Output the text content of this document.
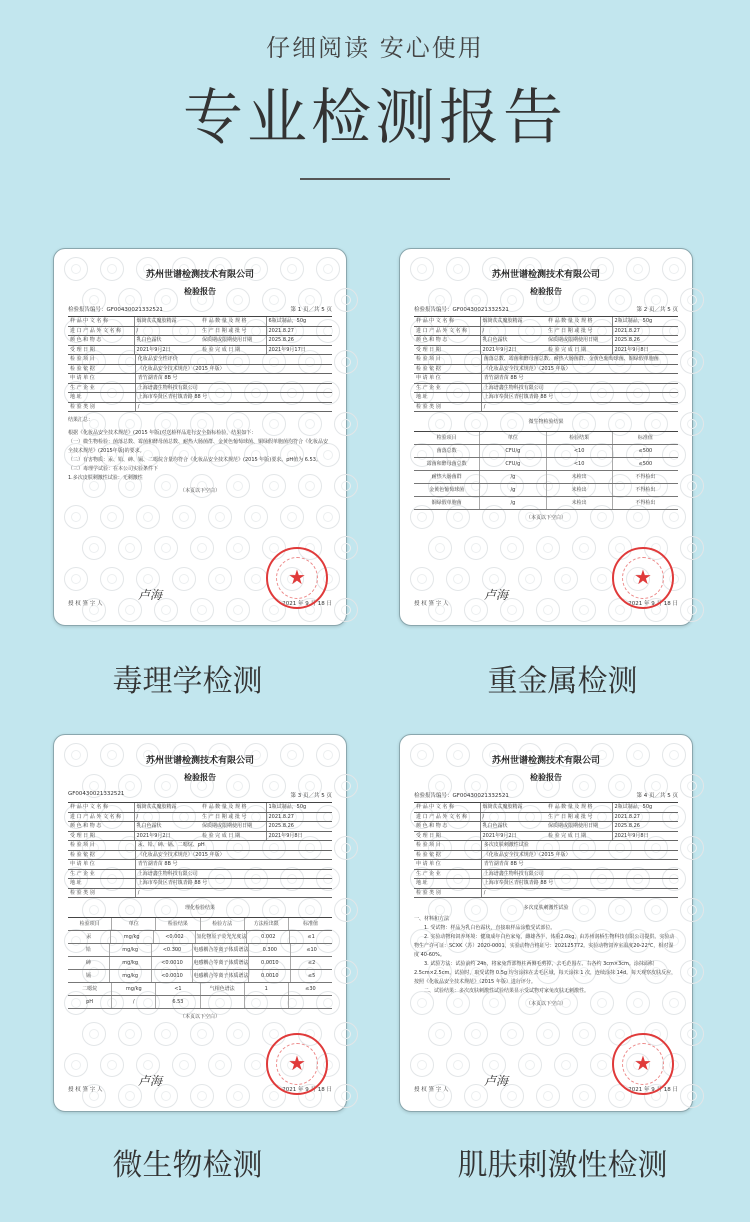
仔细阅读 安心使用
专业检测报告
苏州世谱检测技术有限公司
检验报告
检验报告编号：GF00430021332521	第 1 页／共 5 页
样 品 中 文 名 称	烟筒苁苁魔胶精霜	样 品 数 量 及 规 格	6瓶试制品，50g
进 口 产 品 外 文 名 称	/	生 产 日 期 或 批 号	2021.8.27
颜 色 和 物 态	乳白色霜状	保质期或限期使用日期	2025.8.26
受 理 日 期	2021年9月2日	检 验 完 成 日 期	2021年9月17日
检 验 项 目	化妆品安全性评价
检 验 依 据	《化妆品安全技术规范》（2015 年版）
申 请 单 位	青竹湖青苗 8B 号
生 产 企 业	上海谱鑫生物科技有限公司
地 址	上海市奉贤区青村镇青路 88 号
检 验 类 别	/
结果汇总：
根据《化妆品安全技术规范》(2015 年版)对送检样品进行安全指标检验，结果如下：
（一）微生物检验：菌落总数、霉菌和酵母菌总数、耐热大肠菌群、金黄色葡萄球菌、铜绿假单胞菌均符合《化妆品安全技术规范》(2015年版)的要求。
（二）有害物质：汞、铅、砷、镉、二噁烷含量均符合《化妆品安全技术规范》(2015 年版)要求。pH值为 6.53。
（三）毒理学试验：在本公司实验条件下
1.多次皮肤刺激性试验：无刺激性
（本页以下空白）
授 权 签 字 人	2021 年 9 月 18 日
卢海
★
苏州世谱检测技术有限公司
检验报告
检验报告编号：GF00430021332521	第 2 页／共 5 页
样 品 中 文 名 称	烟筒苁苁魔胶精霜	样 品 数 量 及 规 格	2瓶试制品，50g
进 口 产 品 外 文 名 称	/	生 产 日 期 或 批 号	2021.8.27
颜 色 和 物 态	乳白色霜状	保质期或限期使用日期	2025.8.26
受 理 日 期	2021年9月2日	检 验 完 成 日 期	2021年9月8日
检 验 项 目	菌落总数、霉菌和酵母菌总数、耐热大肠菌群、金黄色葡萄球菌、铜绿假单胞菌
检 验 依 据	《化妆品安全技术规范》（2015 年版）
申 请 单 位	青竹湖青苗 8B 号
生 产 企 业	上海谱鑫生物科技有限公司
地 址	上海市奉贤区青村镇青路 88 号
检 验 类 别	/
微生物检验结果
检验项目	单位	检验结果	标准值
菌落总数	CFU/g	<10	≤500
霉菌和酵母菌总数	CFU/g	<10	≤500
耐热大肠菌群	/g	未检出	不得检出
金黄色葡萄球菌	/g	未检出	不得检出
铜绿假单胞菌	/g	未检出	不得检出
（本页以下空白）
授 权 签 字 人	2021 年 9 月 18 日
卢海
★
苏州世谱检测技术有限公司
检验报告
GF00430021332521	第 3 页／共 5 页
样 品 中 文 名 称	烟筒苁苁魔胶精霜	样 品 数 量 及 规 格	1瓶试制品，50g
进 口 产 品 外 文 名 称	/	生 产 日 期 或 批 号	2021.8.27
颜 色 和 物 态	乳白色霜状	保质期或限期使用日期	2025.8.26
受 理 日 期	2021年9月2日	检 验 完 成 日 期	2021年9月8日
检 验 项 目	汞、铅、砷、镉、二噁烷、pH
检 验 依 据	《化妆品安全技术规范》（2015 年版）
申 请 单 位	青竹湖青苗 8B 号
生 产 企 业	上海谱鑫生物科技有限公司
地 址	上海市奉贤区青村镇青路 88 号
检 验 类 别	/
理化检验结果
检验项目	单位	检验结果	检验方法	方法检出限	标准值
汞	mg/kg	<0.002	氢化物原子荧光光度法	0.002	≤1
铅	mg/kg	<0.300	电感耦合等离子体质谱法	0.300	≤10
砷	mg/kg	<0.0010	电感耦合等离子体质谱法	0.0010	≤2
镉	mg/kg	<0.0010	电感耦合等离子体质谱法	0.0010	≤5
二噁烷	mg/kg	<1	气相色谱法	1	≤30
pH	/	6.53
（本页以下空白）
授 权 签 字 人	2021 年 9 月 18 日
卢海
★
苏州世谱检测技术有限公司
检验报告
检验报告编号：GF00430021332521	第 4 页／共 5 页
样 品 中 文 名 称	烟筒苁苁魔胶精霜	样 品 数 量 及 规 格	2瓶试制品，50g
进 口 产 品 外 文 名 称	/	生 产 日 期 或 批 号	2021.8.27
颜 色 和 物 态	乳白色霜状	保质期或限期使用日期	2025.8.26
受 理 日 期	2021年9月2日	检 验 完 成 日 期	2021年9月8日
检 验 项 目	多次皮肤刺激性试验
检 验 依 据	《化妆品安全技术规范》（2015 年版）
申 请 单 位	青竹湖青苗 8B 号
生 产 企 业	上海谱鑫生物科技有限公司
地 址	上海市奉贤区青村镇青路 88 号
检 验 类 别	/
多次皮肤刺激性试验
一、材料和方法
1. 受试物：样品为乳白色霜状，直接取样品涂敷受试部位。
2. 实验动物和饲养环境：健康成年白色家兔，雌雄各半，体重2.0kg，由苏州润桥生物科技有限公司提供。实验动物生产许可证：SCXK（苏）2020-0001，实验动物合格证号：202125772。实验动物饲养室温度20-22℃，相对湿度 40-60%。
3. 试验方法：试验前约 24h，将家兔背部脊柱两侧毛剪掉，去毛范围左、右各约 3cm×3cm。涂抹面积 2.5cm×2.5cm。试验时，取受试物 0.5g 均匀涂抹在去毛区域，每天涂抹 1 次，连续涂抹 14d。每天观察皮肤反应，按照《化妆品安全技术规范》（2015 年版）进行评分。
二、试验结果：多次皮肤刺激性试验结果显示受试物对家兔皮肤无刺激性。
（本页以下空白）
授 权 签 字 人	2021 年 9 月 18 日
卢海
★
毒理学检测	重金属检测
微生物检测	肌肤刺激性检测
